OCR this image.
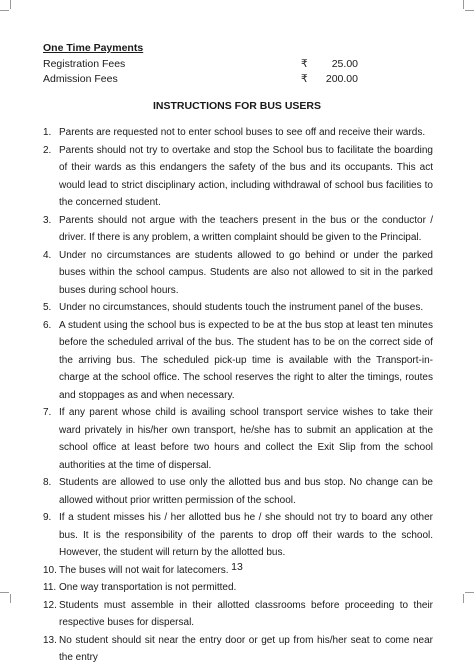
One Time Payments
Registration Fees	₹ 25.00
Admission Fees	₹ 200.00
INSTRUCTIONS FOR BUS USERS
1. Parents are requested not to enter school buses to see off and receive their wards.
2. Parents should not try to overtake and stop the School bus to facilitate the boarding of their wards as this endangers the safety of the bus and its occupants. This act would lead to strict disciplinary action, including withdrawal of school bus facilities to the concerned student.
3. Parents should not argue with the teachers present in the bus or the conductor / driver. If there is any problem, a written complaint should be given to the Principal.
4. Under no circumstances are students allowed to go behind or under the parked buses within the school campus. Students are also not allowed to sit in the parked buses during school hours.
5. Under no circumstances, should students touch the instrument panel of the buses.
6. A student using the school bus is expected to be at the bus stop at least ten minutes before the scheduled arrival of the bus. The student has to be on the correct side of the arriving bus. The scheduled pick-up time is available with the Transport-in-charge at the school office. The school reserves the right to alter the timings, routes and stoppages as and when necessary.
7. If any parent whose child is availing school transport service wishes to take their ward privately in his/her own transport, he/she has to submit an application at the school office at least before two hours and collect the Exit Slip from the school authorities at the time of dispersal.
8. Students are allowed to use only the allotted bus and bus stop. No change can be allowed without prior written permission of the school.
9. If a student misses his / her allotted bus he / she should not try to board any other bus. It is the responsibility of the parents to drop off their wards to the school. However, the student will return by the allotted bus.
10. The buses will not wait for latecomers.
11. One way transportation is not permitted.
12. Students must assemble in their allotted classrooms before proceeding to their respective buses for dispersal.
13. No student should sit near the entry door or get up from his/her seat to come near the entry
13
